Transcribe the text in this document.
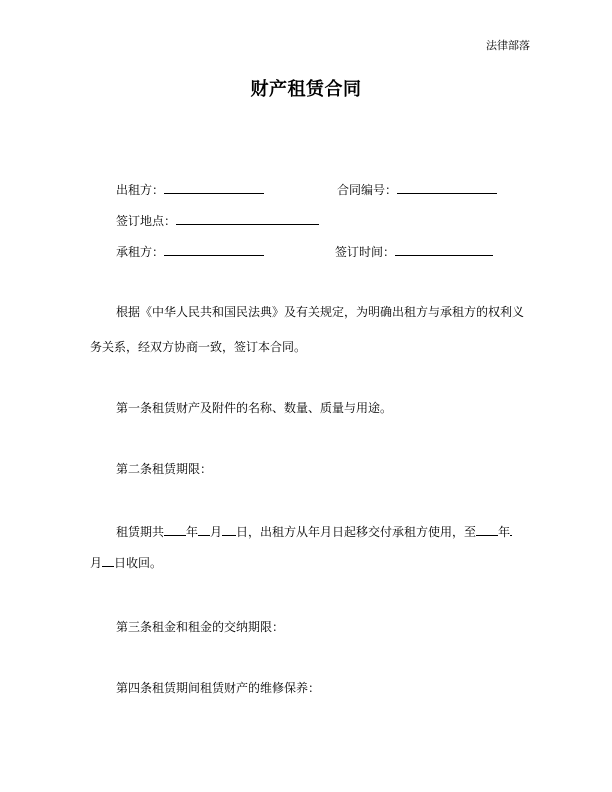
法律部落
财产租赁合同
出租方：	合同编号：
签订地点：
承租方：	签订时间：
根据《中华人民共和国民法典》及有关规定，为明确出租方与承租方的权利义
务关系，经双方协商一致，签订本合同。
第一条租赁财产及附件的名称、数量、质量与用途。
第二条租赁期限：
租赁期共 年 月 日，出租方从年月日起移交付承租方使用，至 年
月 日收回。
第三条租金和租金的交纳期限：
第四条租赁期间租赁财产的维修保养：
